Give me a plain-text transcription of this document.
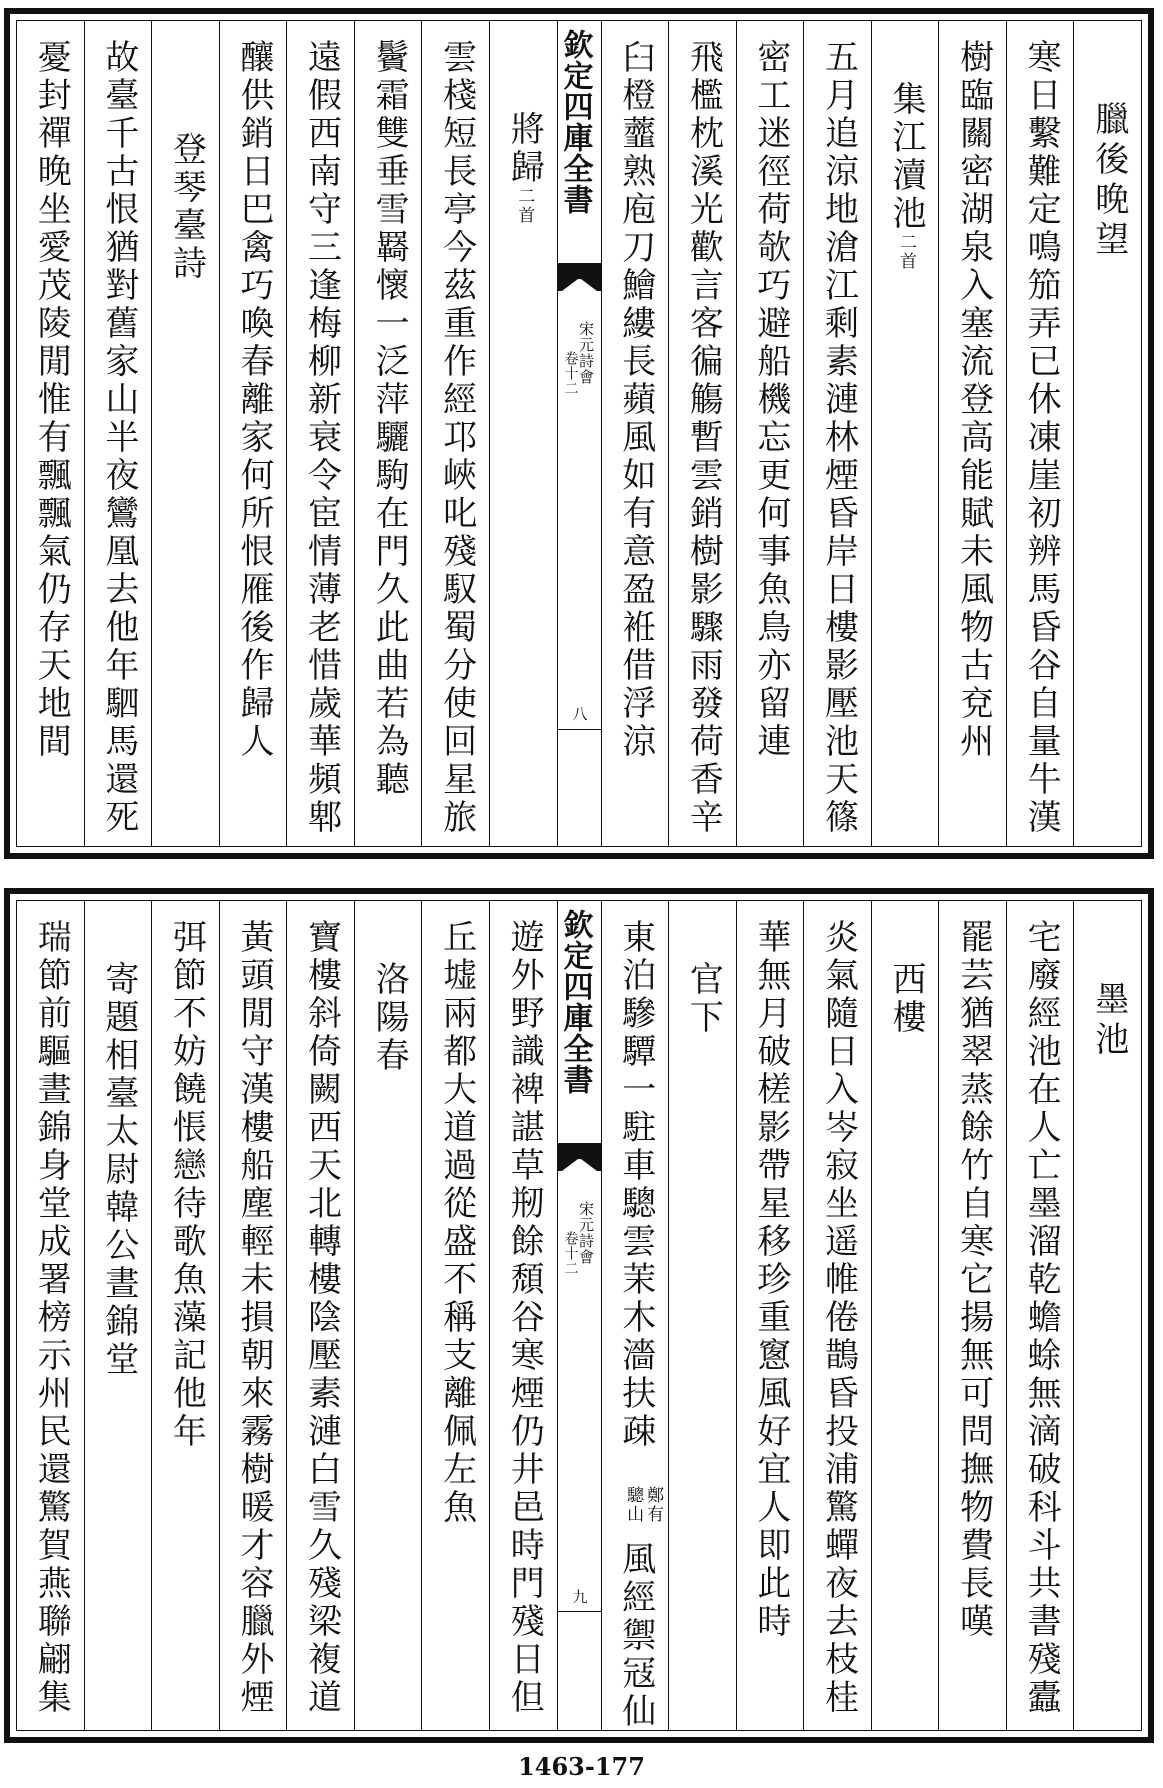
臘後晚望
寒日繫難定鳴笳弄已休凍崖初辨馬昏谷自量牛漢
樹臨關密湖泉入塞流登高能賦未風物古兗州
集江瀆池二首
五月追涼地滄江剩素漣林煙昏岸日樓影壓池天篠
密工迷徑荷欹巧避船機忘更何事魚鳥亦留連
飛檻枕溪光歡言客徧觴暫雲銷樹影驟雨發荷香辛
臼橙虀熟庖刀鱠縷長蘋風如有意盈袵借浮涼
欽定四庫全書
宋元詩會
卷十二
八
將歸二首
雲棧短長亭今茲重作經邛峽叱殘馭蜀分使回星旅
鬢霜雙垂雪羇懷一泛萍驪駒在門久此曲若為聽
遠假西南守三逢梅柳新衰令宦情薄老惜歲華頻郫
釀供銷日巴禽巧喚春離家何所恨雁後作歸人
登琴臺詩
故臺千古恨猶對舊家山半夜鸞凰去他年駟馬還死
憂封禪晚坐愛茂陵閒惟有飄飄氣仍存天地間
墨池
宅廢經池在人亡墨溜乾蟾蜍無滴破科斗共書殘蠹
罷芸猶翠蒸餘竹自寒它揚無可問撫物費長嘆
西樓
炎氣隨日入岑寂坐遥帷倦鵲昏投浦驚蟬夜去枝桂
華無月破槎影帶星移珍重窻風好宜人即此時
官下
東泊驂驔一駐車驄雲茉木濇扶疎
鄭有
驄山
風經禦冦仙
欽定四庫全書
宋元詩會
卷十二
九
遊外野識裨諶草剏餘頹谷寒煙仍井邑時門殘日但
丘墟兩都大道過從盛不稱支離佩左魚
洛陽春
寶樓斜倚闕西天北轉樓陰壓素漣白雪久殘梁複道
黃頭閒守漢樓船塵輕未損朝來霧樹暖才容臘外煙
弭節不妨饒悵戀待歌魚藻記他年
寄題相臺太尉韓公晝錦堂
瑞節前驅晝錦身堂成署榜示州民還驚賀燕聯翩集
1463-177
